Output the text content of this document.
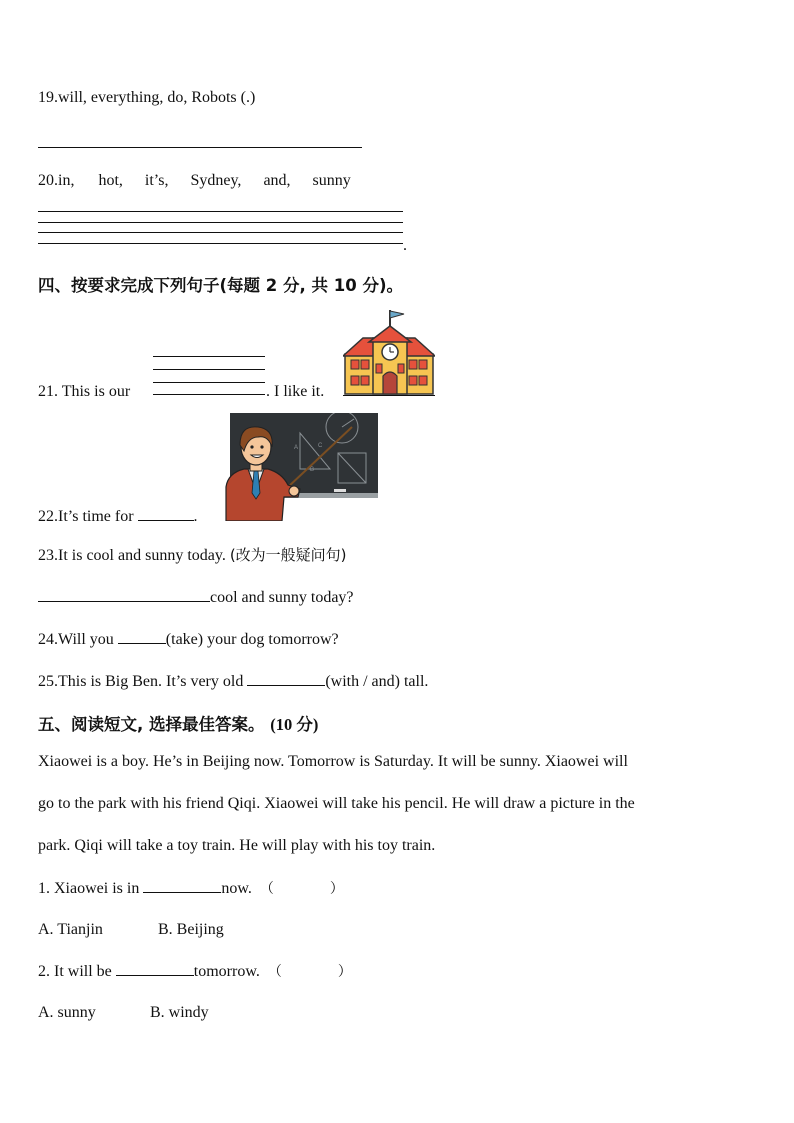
19.will, everything, do, Robots (.)
20.in, hot, it’s, Sydney, and, sunny
.
四、按要求完成下列句子(每题 2 分, 共 10 分)。
21. This is our	. I like it.
A	C
B
22.It’s time for	.
23.It is cool and sunny today. (改为一般疑问句)
cool and sunny today?
24.Will you	(take) your dog tomorrow?
25.This is Big Ben. It’s very old	(with / and) tall.
五、阅读短文, 选择最佳答案。 (10 分)
Xiaowei is a boy. He’s in Beijing now. Tomorrow is Saturday. It will be sunny. Xiaowei will
go to the park with his friend Qiqi. Xiaowei will take his pencil. He will draw a picture in the
park. Qiqi will take a toy train. He will play with his toy train.
1. Xiaowei is in	now. （　　　　）
A. Tianjin	B. Beijing
2. It will be	tomorrow. （　　　　）
A. sunny	B. windy
